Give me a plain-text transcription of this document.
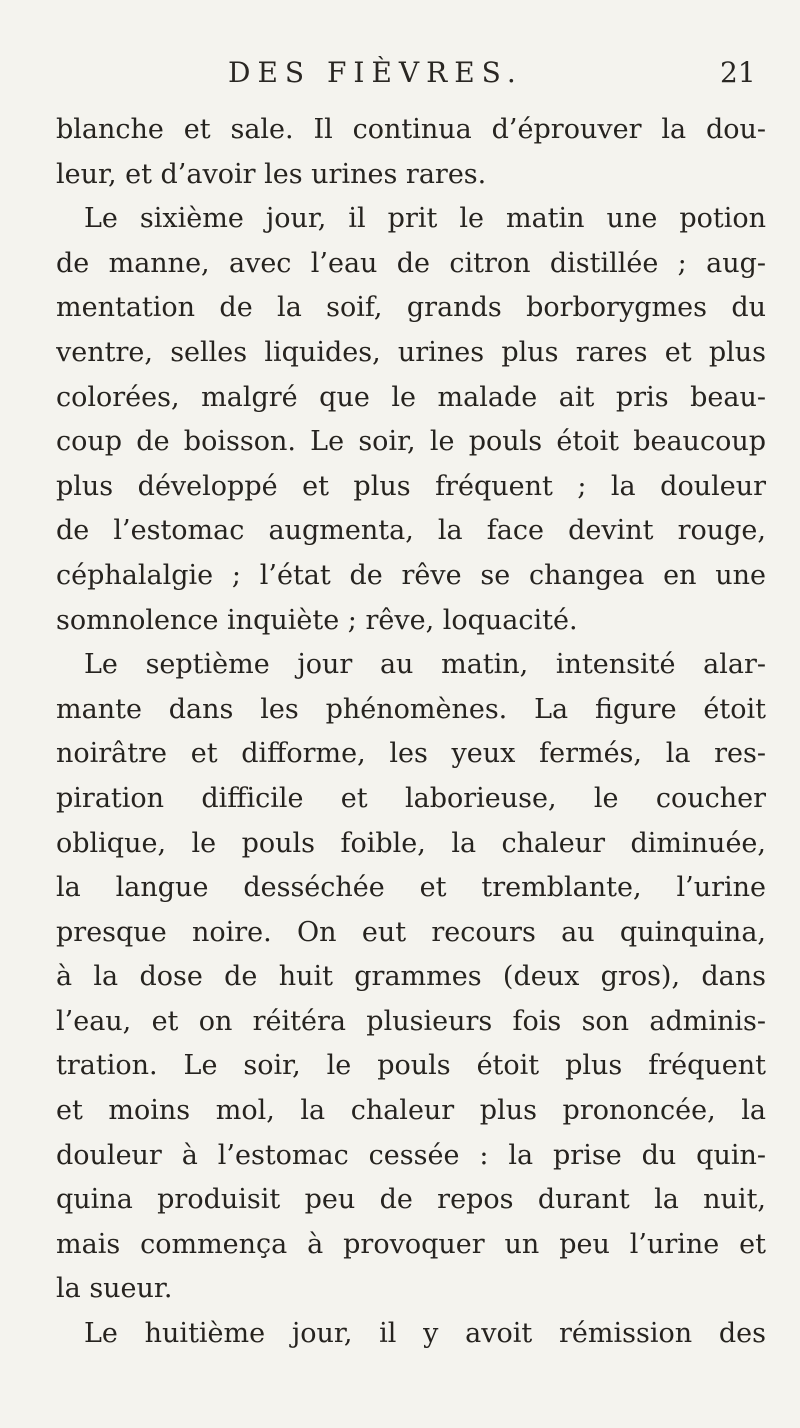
DES FIÈVRES.	21
blanche et sale. Il continua d’éprouver la dou-
leur, et d’avoir les urines rares.
Le sixième jour, il prit le matin une potion
de manne, avec l’eau de citron distillée ; aug-
mentation de la soif, grands borborygmes du
ventre, selles liquides, urines plus rares et plus
colorées, malgré que le malade ait pris beau-
coup de boisson. Le soir, le pouls étoit beaucoup
plus développé et plus fréquent ; la douleur
de l’estomac augmenta, la face devint rouge,
céphalalgie ; l’état de rêve se changea en une
somnolence inquiète ; rêve, loquacité.
Le septième jour au matin, intensité alar-
mante dans les phénomènes. La figure étoit
noirâtre et difforme, les yeux fermés, la res-
piration difficile et laborieuse, le coucher
oblique, le pouls foible, la chaleur diminuée,
la langue desséchée et tremblante, l’urine
presque noire. On eut recours au quinquina,
à la dose de huit grammes (deux gros), dans
l’eau, et on réitéra plusieurs fois son adminis-
tration. Le soir, le pouls étoit plus fréquent
et moins mol, la chaleur plus prononcée, la
douleur à l’estomac cessée : la prise du quin-
quina produisit peu de repos durant la nuit,
mais commença à provoquer un peu l’urine et
la sueur.
Le huitième jour, il y avoit rémission des
